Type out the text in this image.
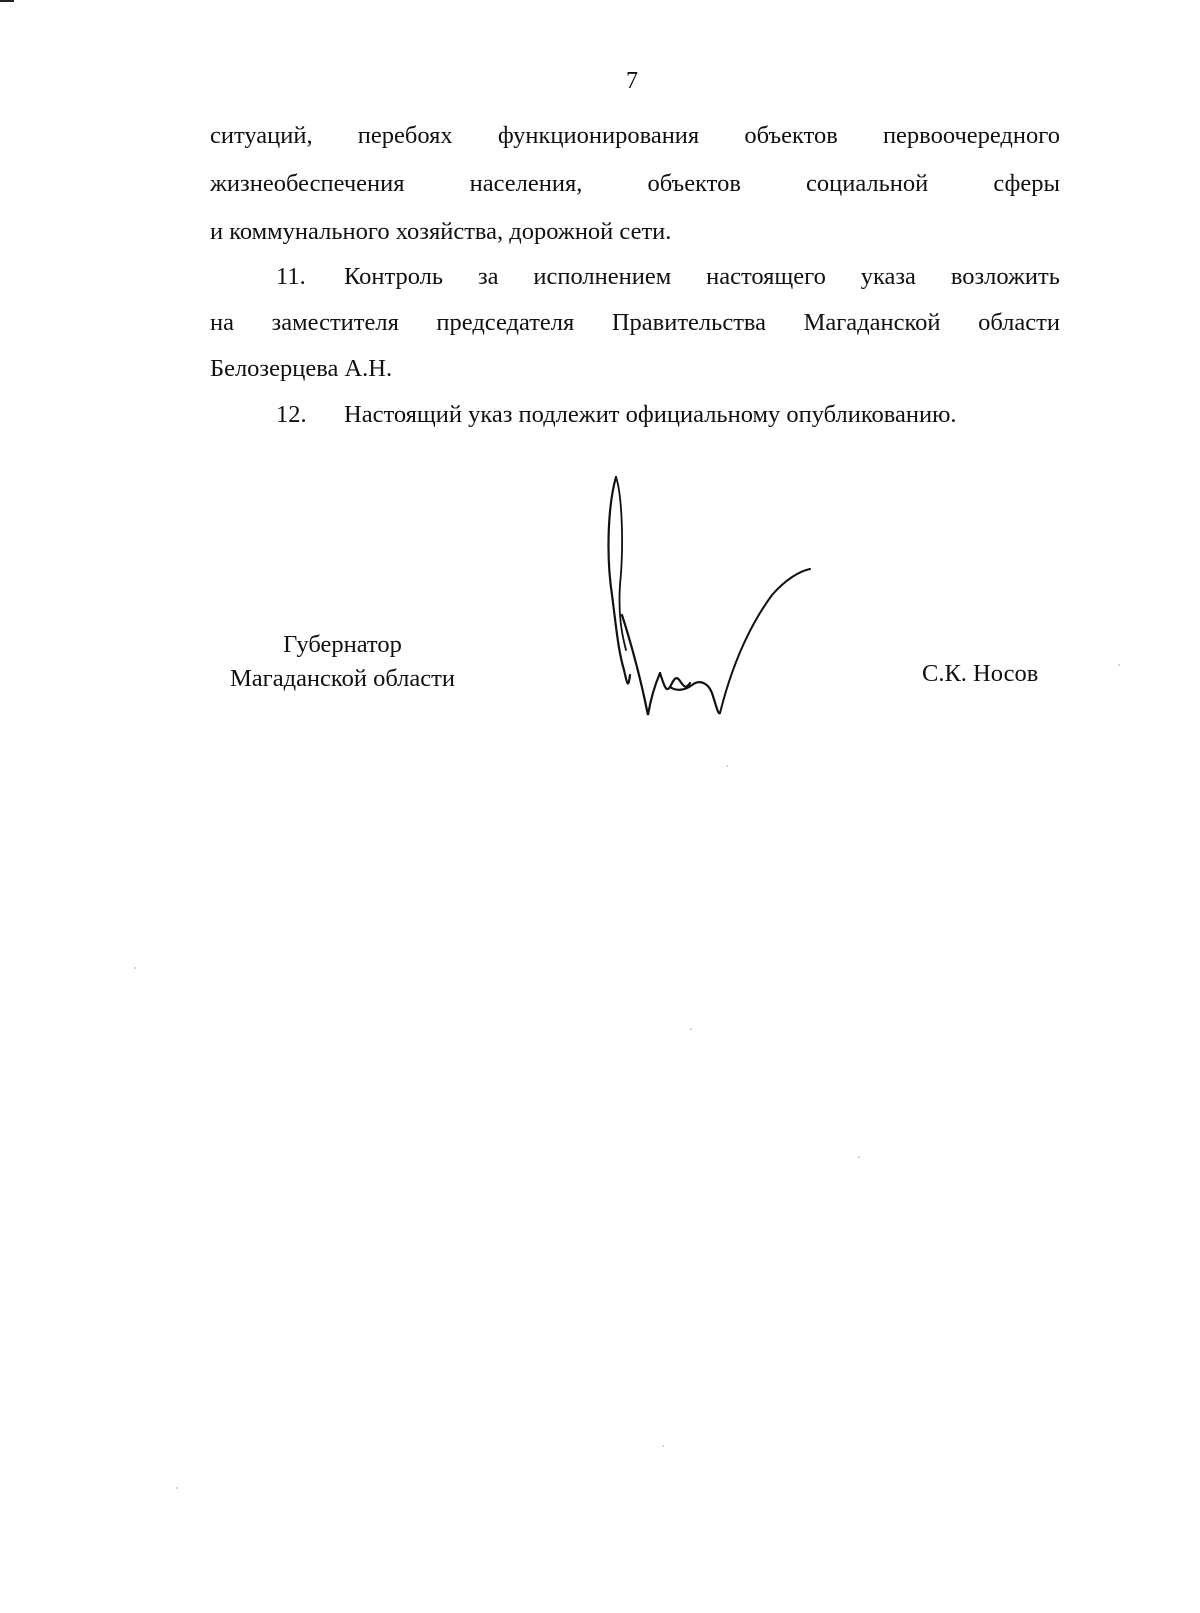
7
ситуаций, перебоях функционирования объектов первоочередного
жизнеобеспечения	населения,	объектов	социальной	сферы
и коммунального хозяйства, дорожной сети.
11. Контроль за исполнением настоящего указа возложить
на заместителя председателя Правительства Магаданской области
Белозерцева А.Н.
12. Настоящий указ подлежит официальному опубликованию.
Губернатор
Магаданской области	С.К. Носов
